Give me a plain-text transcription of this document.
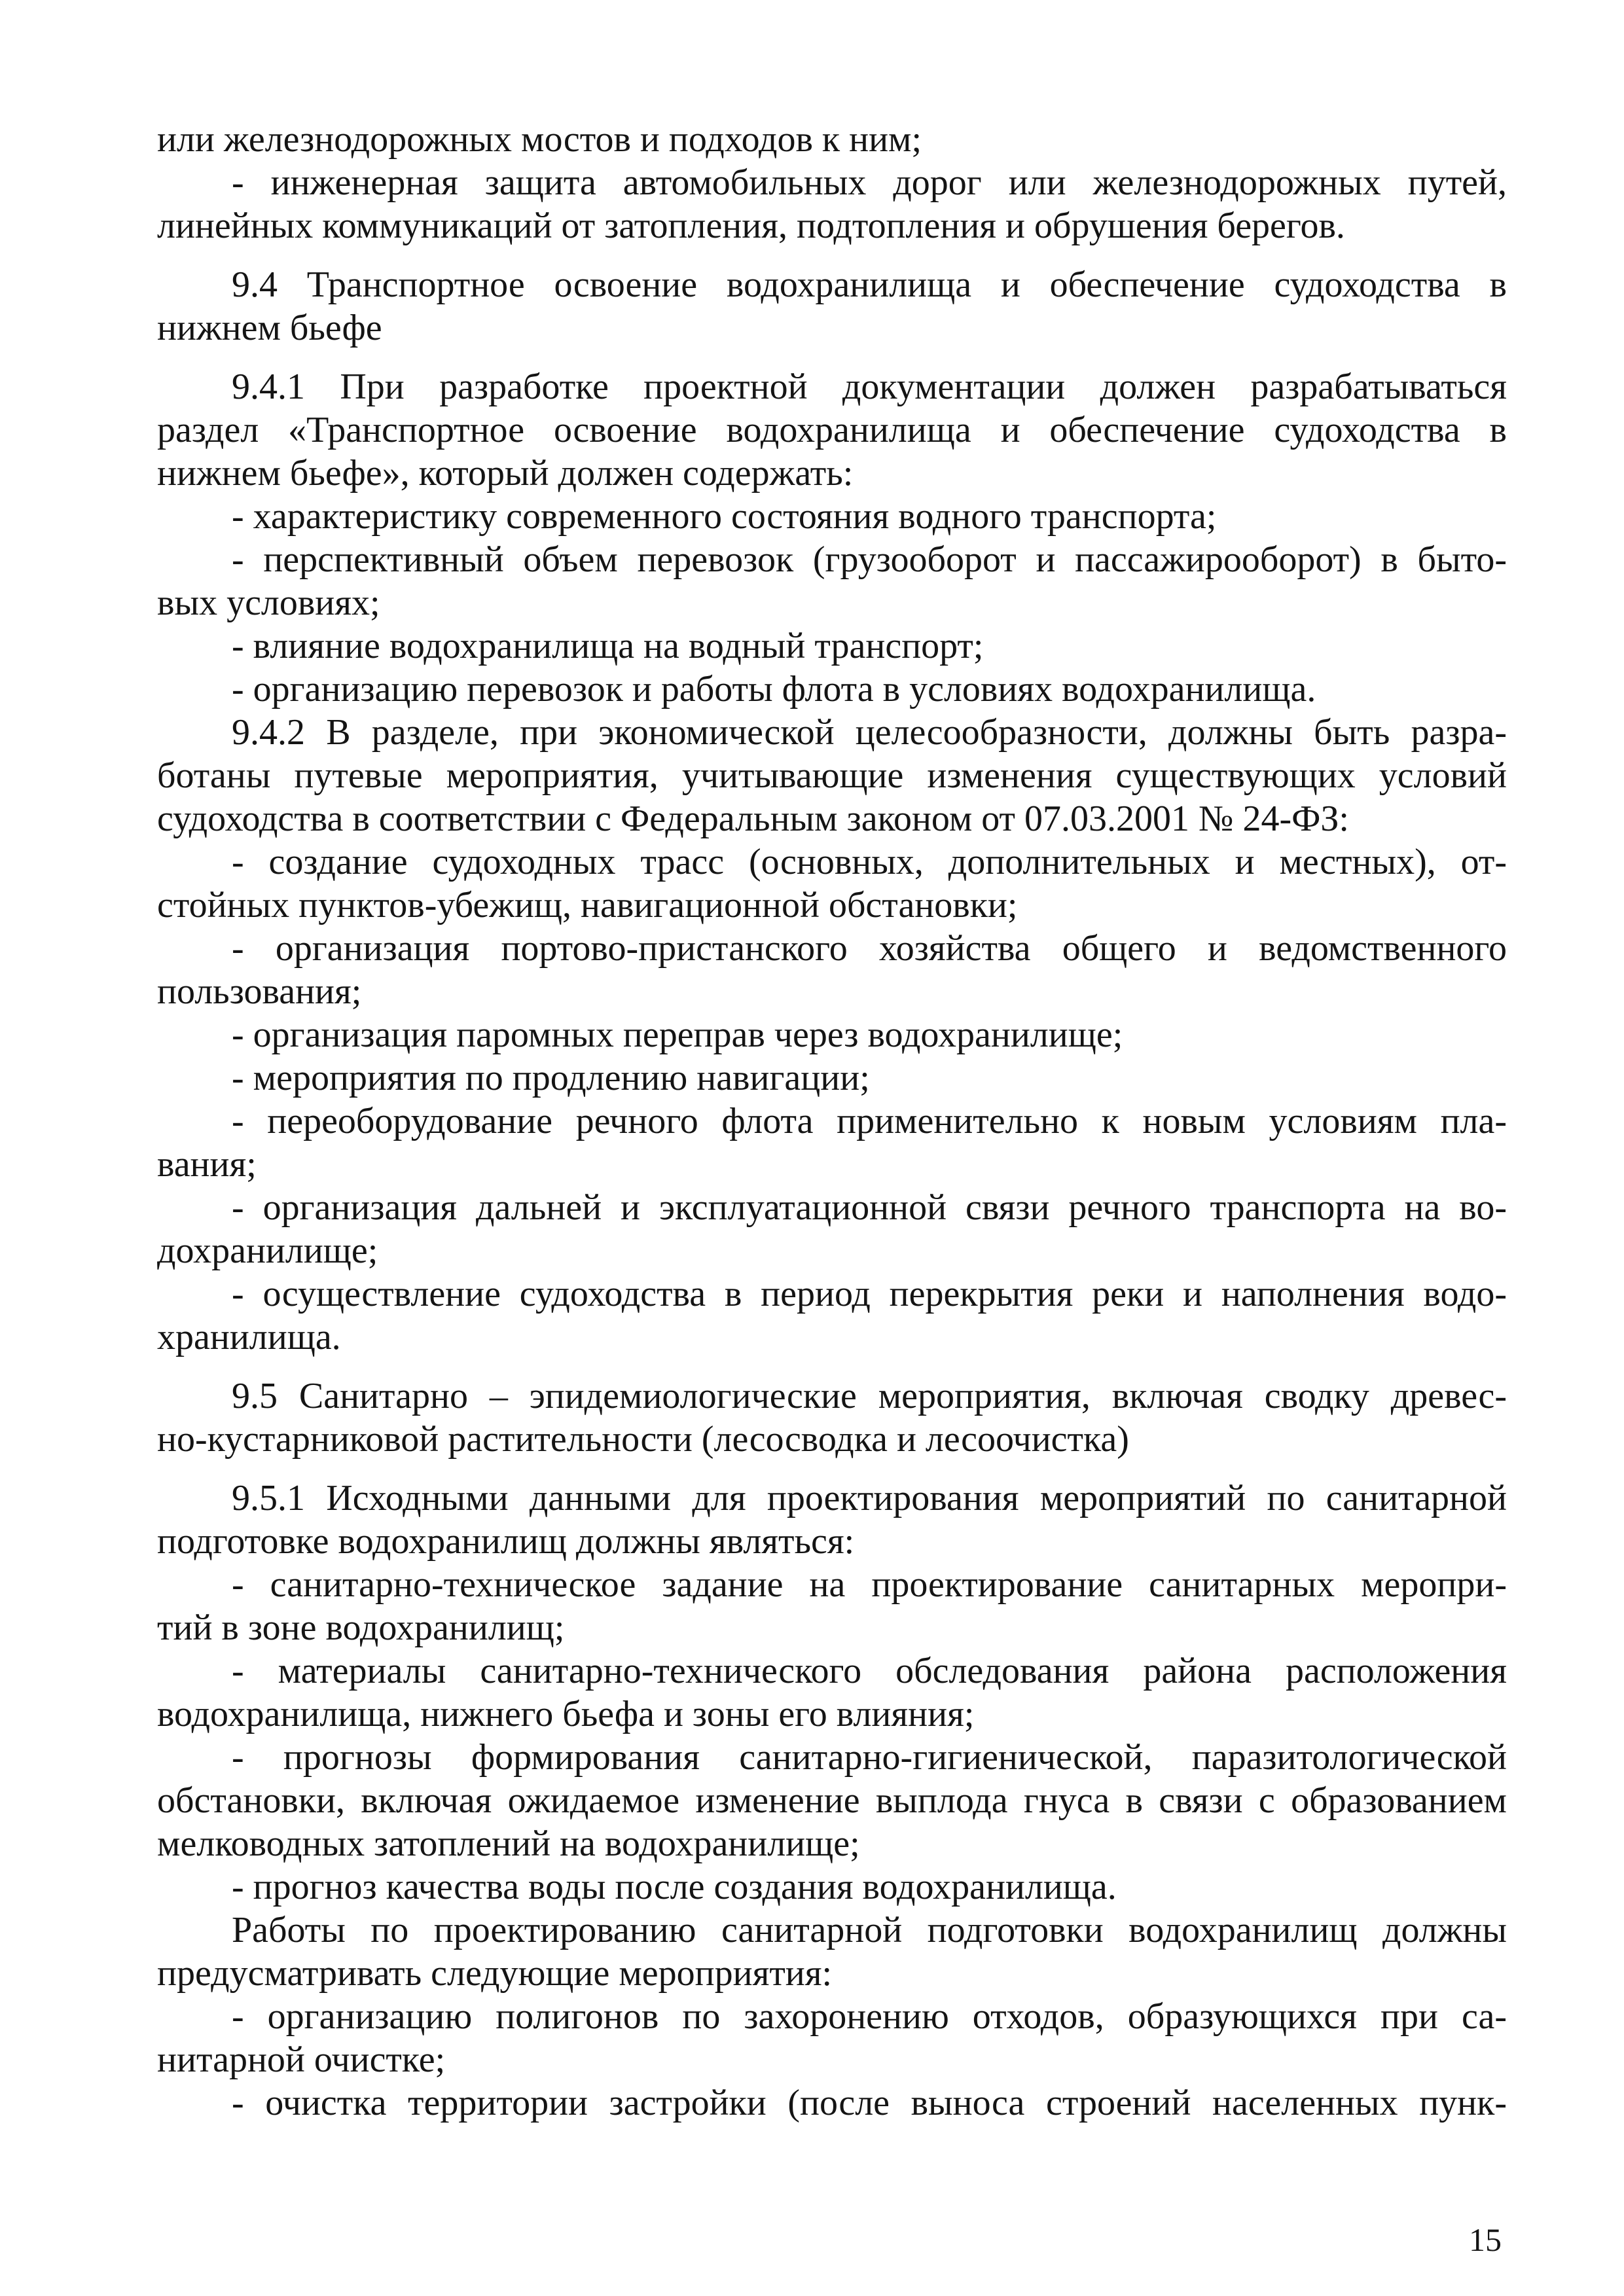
или железнодорожных мостов и подходов к ним;

- инженерная защита автомобильных дорог или железнодорожных путей,

линейных коммуникаций от затопления, подтопления и обрушения берегов.

9.4 Транспортное освоение водохранилища и обеспечение судоходства в

нижнем бьефе

9.4.1 При разработке проектной документации должен разрабатываться

раздел «Транспортное освоение водохранилища и обеспечение судоходства в

нижнем бьефе», который должен содержать:

- характеристику современного состояния водного транспорта;

- перспективный объем перевозок (грузооборот и пассажирооборот) в быто-

вых условиях;

- влияние водохранилища на водный транспорт;

- организацию перевозок и работы флота в условиях водохранилища.

9.4.2 В разделе, при экономической целесообразности, должны быть разра-

ботаны путевые мероприятия, учитывающие изменения существующих условий

судоходства в соответствии с Федеральным законом от 07.03.2001 № 24-ФЗ:

- создание судоходных трасс (основных, дополнительных и местных), от-

стойных пунктов-убежищ, навигационной обстановки;

- организация портово-пристанского хозяйства общего и ведомственного

пользования;

- организация паромных переправ через водохранилище;

- мероприятия по продлению навигации;

- переоборудование речного флота применительно к новым условиям пла-

вания;

- организация дальней и эксплуатационной связи речного транспорта на во-

дохранилище;

- осуществление судоходства в период перекрытия реки и наполнения водо-

хранилища.

9.5 Санитарно – эпидемиологические мероприятия, включая сводку древес-

но-кустарниковой растительности (лесосводка и лесоочистка)

9.5.1 Исходными данными для проектирования мероприятий по санитарной

подготовке водохранилищ должны являться:

- санитарно-техническое задание на проектирование санитарных меропри-

тий в зоне водохранилищ;

- материалы санитарно-технического обследования района расположения

водохранилища, нижнего бьефа и зоны его влияния;

- прогнозы формирования санитарно-гигиенической, паразитологической

обстановки, включая ожидаемое изменение выплода гнуса в связи с образованием

мелководных затоплений на водохранилище;

- прогноз качества воды после создания водохранилища.

Работы по проектированию санитарной подготовки водохранилищ должны

предусматривать следующие мероприятия:

- организацию полигонов по захоронению отходов, образующихся при са-

нитарной очистке;

- очистка территории застройки (после выноса строений населенных пунк-

15
